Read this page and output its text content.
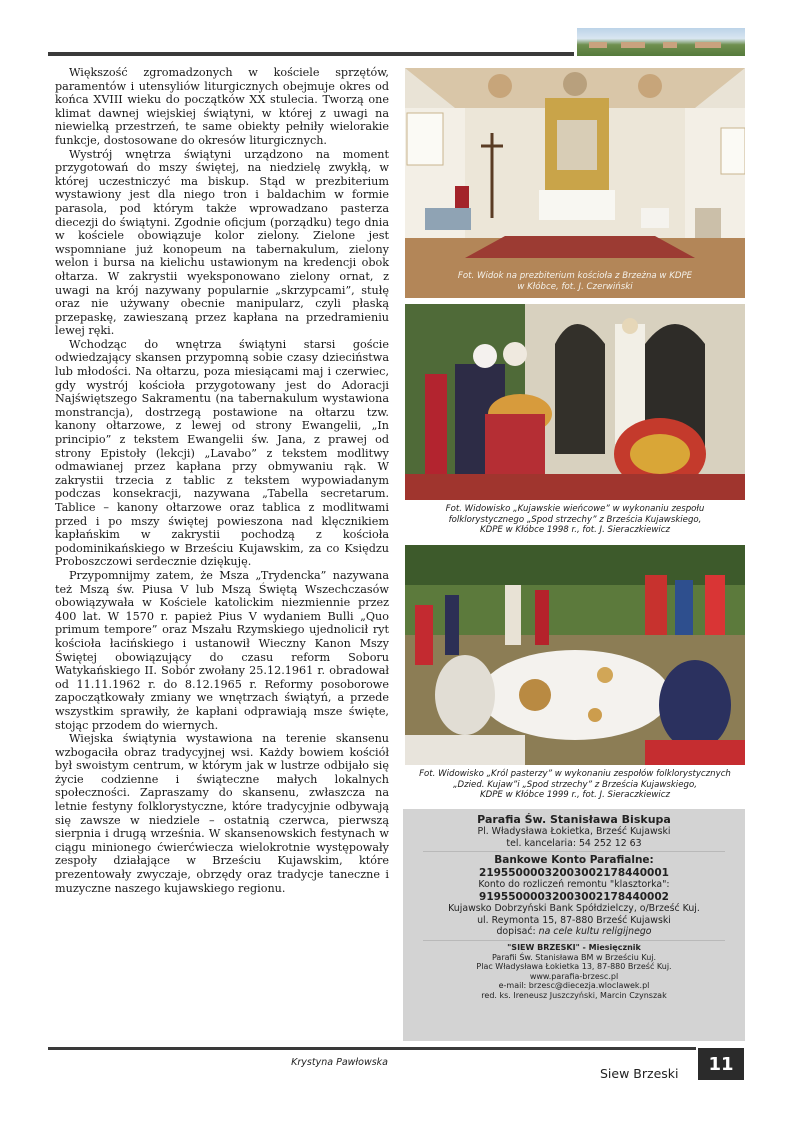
Większość zgromadzonych w kościele sprzętów, paramentów i utensyliów liturgicznych obejmuje okres od końca XVIII wieku do początków XX stulecia. Tworzą one klimat dawnej wiejskiej świątyni, w której z uwagi na niewielką przestrzeń, te same obiekty pełniły wielorakie funkcje, dostosowane do okresów liturgicznych.

Wystrój wnętrza świątyni urządzono na moment przygotowań do mszy świętej, na niedzielę zwykłą, w której uczestniczyć ma biskup. Stąd w prezbiterium wystawiony jest dla niego tron i baldachim w formie parasola, pod którym także wprowadzano pasterza diecezji do świątyni. Zgodnie oficjum (porządku) tego dnia w kościele obowiązuje kolor zielony. Zielone jest wspomniane już konopeum na tabernakulum, zielony welon i bursa na kielichu ustawionym na kredencji obok ołtarza. W zakrystii wyeksponowano zielony ornat, z uwagi na krój nazywany popularnie „skrzypcami”, stułę oraz nie używany obecnie manipularz, czyli płaską przepaskę, zawieszaną przez kapłana na przedramieniu lewej ręki.

Wchodząc do wnętrza świątyni starsi goście odwiedzający skansen przypomną sobie czasy dzieciństwa lub młodości. Na ołtarzu, poza miesiącami maj i czerwiec, gdy wystrój kościoła przygotowany jest do Adoracji Najświętszego Sakramentu (na tabernakulum wystawiona monstrancja), dostrzegą postawione na ołtarzu tzw. kanony ołtarzowe, z lewej od strony Ewangelii, „In principio” z tekstem Ewangelii św. Jana, z prawej od strony Epistoły (lekcji) „Lavabo” z tekstem modlitwy odmawianej przez kapłana przy obmywaniu rąk. W zakrystii trzecia z tablic z tekstem wypowiadanym podczas konsekracji, nazywana „Tabella secretarum. Tablice – kanony ołtarzowe oraz tablica z modlitwami przed i po mszy świętej powieszona nad klęcznikiem kapłańskim w zakrystii pochodzą z kościoła podominikańskiego w Brześciu Kujawskim, za co Księdzu Proboszczowi serdecznie dziękuję.

Przypomnijmy zatem, że Msza „Trydencka” nazywana też Mszą św. Piusa V lub Mszą Świętą Wszechczasów obowiązywała w Kościele katolickim niezmiennie przez 400 lat. W 1570 r. papież Pius V wydaniem Bulli „Quo primum tempore” oraz Mszału Rzymskiego ujednolicił ryt kościoła łacińskiego i ustanowił Wieczny Kanon Mszy Świętej obowiązujący do czasu reform Soboru Watykańskiego II. Sobór zwołany 25.12.1961 r. obradował od 11.11.1962 r. do 8.12.1965 r. Reformy posoborowe zapoczątkowały zmiany we wnętrzach świątyń, a przede wszystkim sprawiły, że kapłani odprawiają msze święte, stojąc przodem do wiernych.

Wiejska świątynia wystawiona na terenie skansenu wzbogaciła obraz tradycyjnej wsi. Każdy bowiem kościół był swoistym centrum, w którym jak w lustrze odbijało się życie codzienne i świąteczne małych lokalnych społeczności. Zapraszamy do skansenu, zwłaszcza na letnie festyny folklorystyczne, które tradycyjnie odbywają się zawsze w niedziele – ostatnią czerwca, pierwszą sierpnia i drugą września. W skansenowskich festynach w ciągu minionego ćwierćwiecza wielokrotnie występowały zespoły działające w Brześciu Kujawskim, które prezentowały zwyczaje, obrzędy oraz tradycje taneczne i muzyczne naszego kujawskiego regionu.

Krystyna Pawłowska
Fot. Widok na prezbiterium kościoła z Brzeżna w KDPE
w Kłóbce, fot. J. Czerwiński
Fot. Widowisko „Kujawskie wieńcowe” w wykonaniu zespołu
folklorystycznego „Spod strzechy” z Brześcia Kujawskiego,
KDPE w Kłóbce 1998 r., fot. J. Sieraczkiewicz
Fot. Widowisko „Król pasterzy” w wykonaniu zespołów folklorystycznych
„Dzied. Kujaw”i „Spod strzechy” z Brześcia Kujawskiego,
KDPE w Kłóbce 1999 r., fot. J. Sieraczkiewicz
Parafia Św. Stanisława Biskupa
Pl. Władysława Łokietka, Brześć Kujawski
tel. kancelaria: 54 252 12 63
Bankowe Konto Parafialne:
21955000032003002178440001
Konto do rozliczeń remontu "klasztorka":
91955000032003002178440002
Kujawsko Dobrzyński Bank Spółdzielczy, o/Brześć Kuj.
ul. Reymonta 15, 87-880 Brześć Kujawski
dopisać: na cele kultu religijnego
"SIEW BRZESKI" - Miesięcznik
Parafii Św. Stanisława BM w Brześciu Kuj.
Plac Władysława Łokietka 13, 87-880 Brześć Kuj.
www.parafia-brzesc.pl
e-mail: brzesc@diecezja.wloclawek.pl
red. ks. Ireneusz Juszczyński, Marcin Czynszak
Siew Brzeski	11
